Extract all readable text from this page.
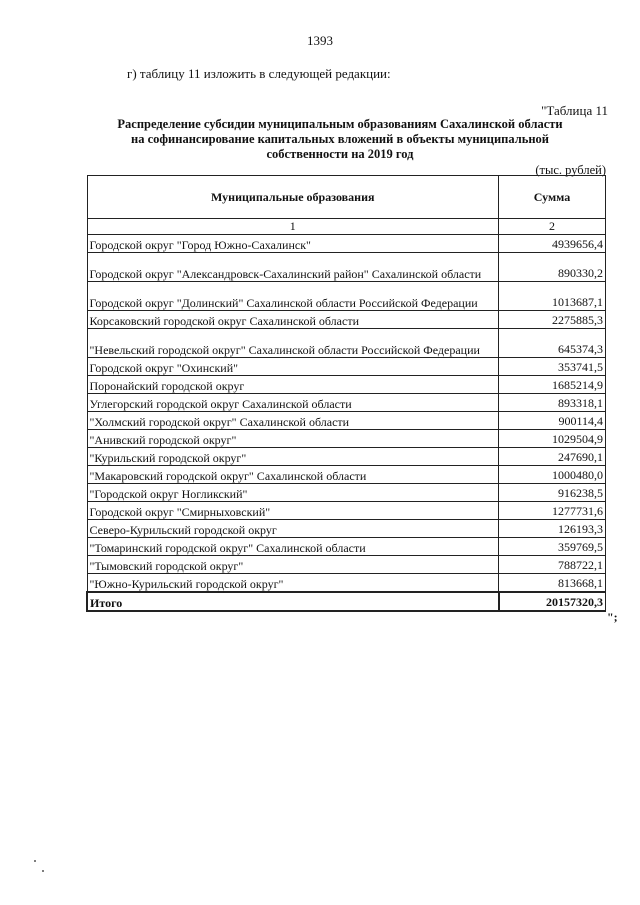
1393
г) таблицу 11 изложить в следующей редакции:
"Таблица 11
Распределение субсидии муниципальным образованиям Сахалинской области
на софинансирование капитальных вложений в объекты муниципальной
собственности на 2019 год
(тыс. рублей)
Муниципальные образования	Сумма
1	2
Городской округ "Город Южно-Сахалинск"	4939656,4
Городской округ "Александровск-Сахалинский район" Сахалинской области	890330,2
Городской округ "Долинский" Сахалинской области Российской Федерации	1013687,1
Корсаковский городской округ Сахалинской области	2275885,3
"Невельский городской округ" Сахалинской области Российской Федерации	645374,3
Городской округ "Охинский"	353741,5
Поронайский городской округ	1685214,9
Углегорский городской округ Сахалинской области	893318,1
"Холмский городской округ" Сахалинской области	900114,4
"Анивский городской округ"	1029504,9
"Курильский городской округ"	247690,1
"Макаровский городской округ" Сахалинской области	1000480,0
"Городской округ Ногликский"	916238,5
Городской округ "Смирныховский"	1277731,6
Северо-Курильский городской округ	126193,3
"Томаринский городской округ" Сахалинской области	359769,5
"Тымовский городской округ"	788722,1
"Южно-Курильский городской округ"	813668,1
Итого	20157320,3
";
